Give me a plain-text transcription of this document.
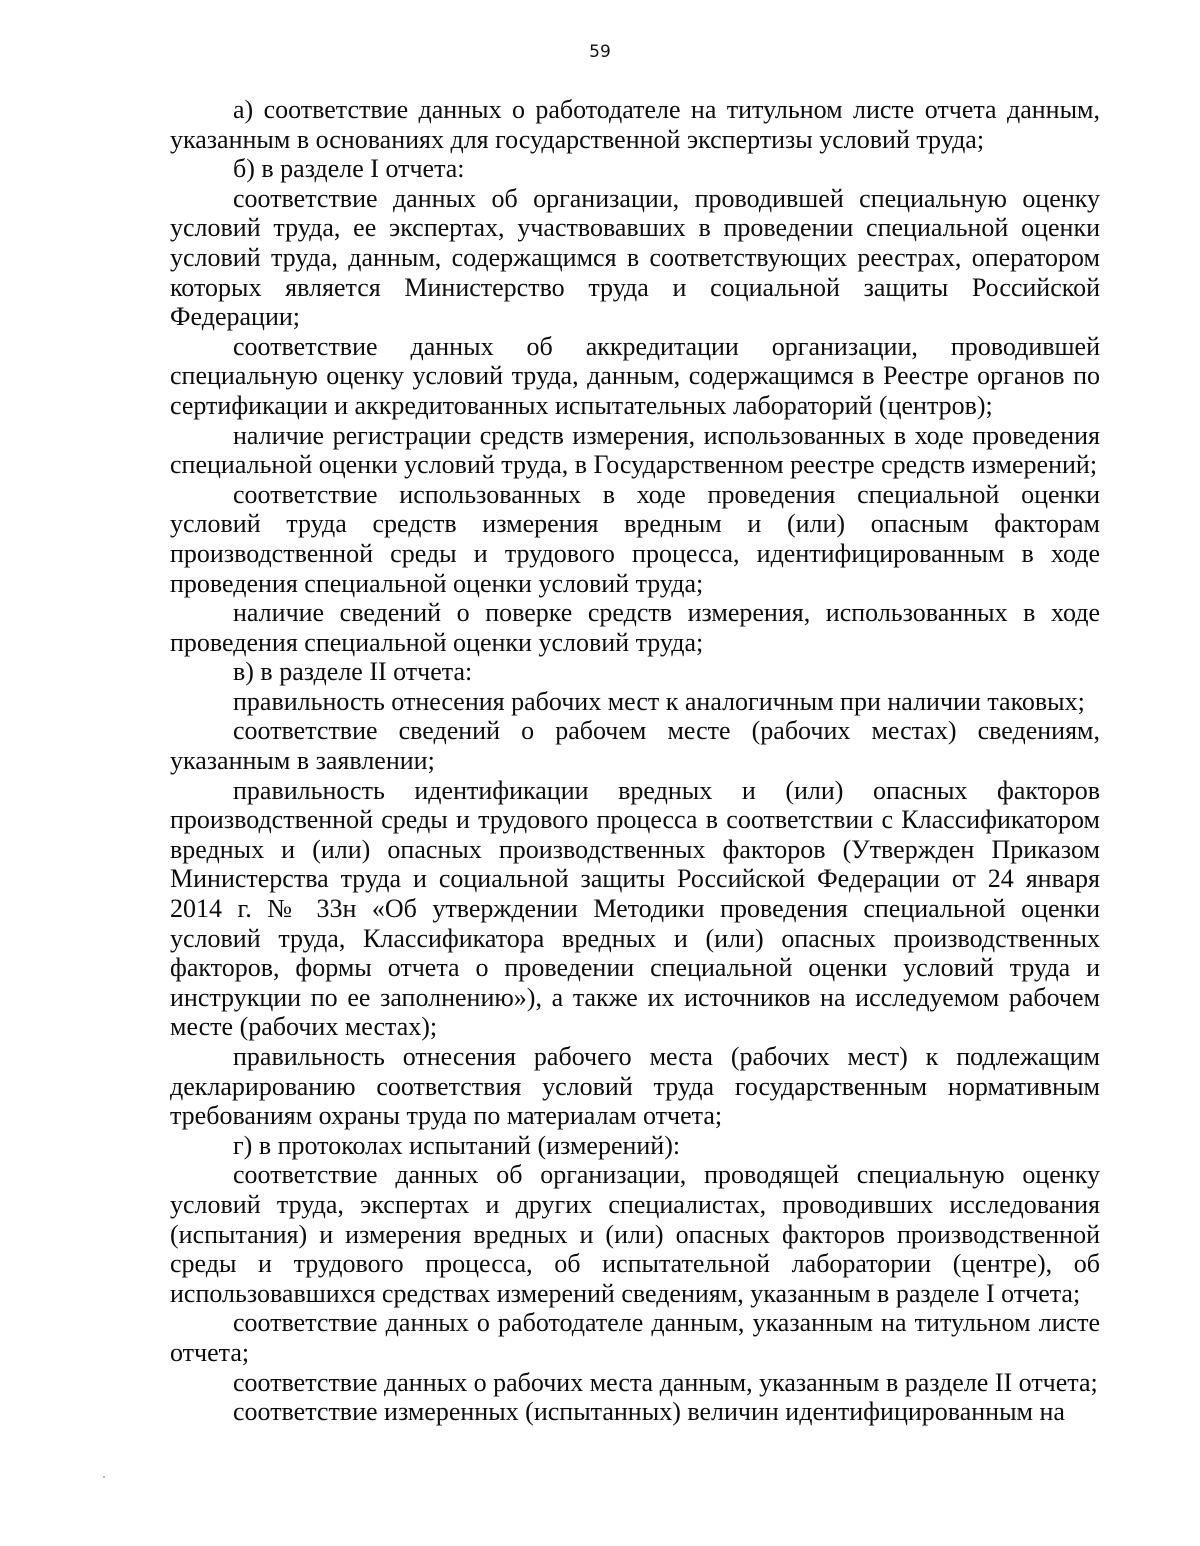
59

а) соответствие данных о работодателе на титульном листе отчета данным, указанным в основаниях для государственной экспертизы условий труда;

б) в разделе I отчета:

соответствие данных об организации, проводившей специальную оценку условий труда, ее экспертах, участвовавших в проведении специальной оценки условий труда, данным, содержащимся в соответствующих реестрах, оператором которых является Министерство труда и социальной защиты Российской Федерации;

соответствие данных об аккредитации организации, проводившей специальную оценку условий труда, данным, содержащимся в Реестре органов по сертификации и аккредитованных испытательных лабораторий (центров);

наличие регистрации средств измерения, использованных в ходе проведения специальной оценки условий труда, в Государственном реестре средств измерений;

соответствие использованных в ходе проведения специальной оценки условий труда средств измерения вредным и (или) опасным факторам производственной среды и трудового процесса, идентифицированным в ходе проведения специальной оценки условий труда;

наличие сведений о поверке средств измерения, использованных в ходе проведения специальной оценки условий труда;

в) в разделе II отчета:

правильность отнесения рабочих мест к аналогичным при наличии таковых;

соответствие сведений о рабочем месте (рабочих местах) сведениям, указанным в заявлении;

правильность идентификации вредных и (или) опасных факторов производственной среды и трудового процесса в соответствии с Классификатором вредных и (или) опасных производственных факторов (Утвержден Приказом Министерства труда и социальной защиты Российской Федерации от 24 января 2014 г. № 33н «Об утверждении Методики проведения специальной оценки условий труда, Классификатора вредных и (или) опасных производственных факторов, формы отчета о проведении специальной оценки условий труда и инструкции по ее заполнению»), а также их источников на исследуемом рабочем месте (рабочих местах);

правильность отнесения рабочего места (рабочих мест) к подлежащим декларированию соответствия условий труда государственным нормативным требованиям охраны труда по материалам отчета;

г) в протоколах испытаний (измерений):

соответствие данных об организации, проводящей специальную оценку условий труда, экспертах и других специалистах, проводивших исследования (испытания) и измерения вредных и (или) опасных факторов производственной среды и трудового процесса, об испытательной лаборатории (центре), об использовавшихся средствах измерений сведениям, указанным в разделе I отчета;

соответствие данных о работодателе данным, указанным на титульном листе отчета;

соответствие данных о рабочих места данным, указанным в разделе II отчета;

соответствие измеренных (испытанных) величин идентифицированным на
